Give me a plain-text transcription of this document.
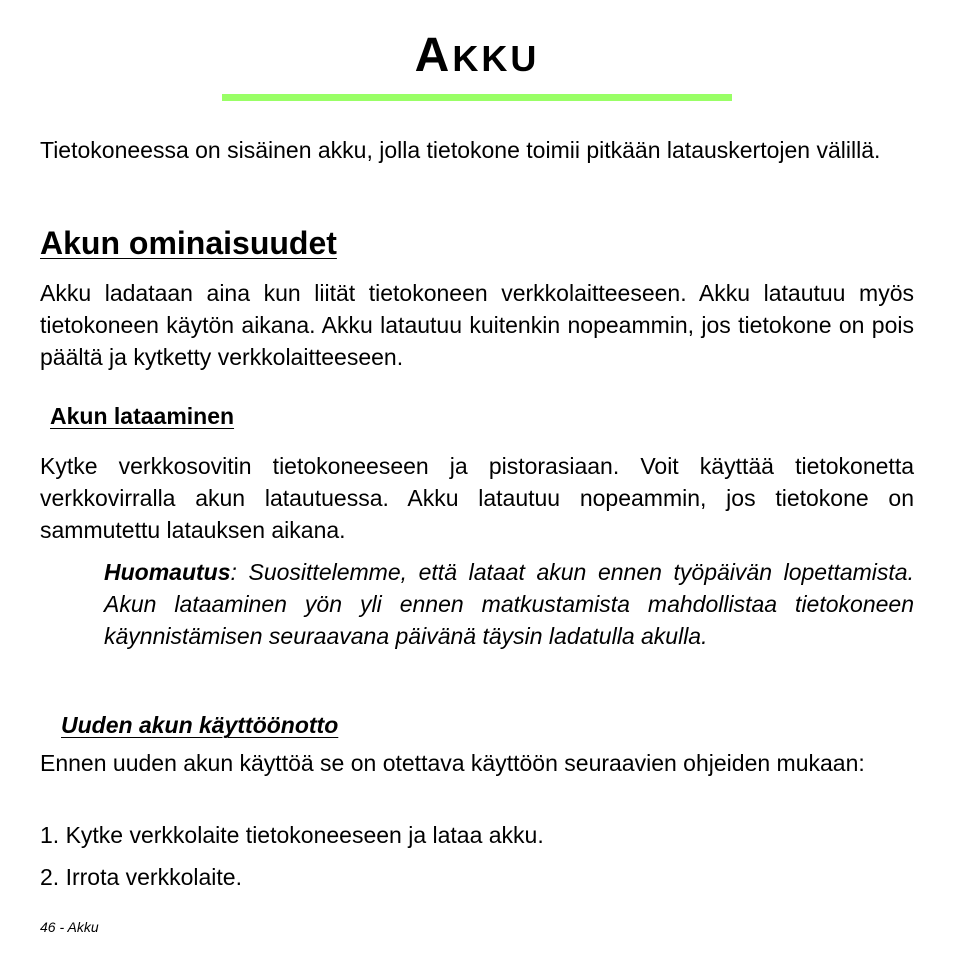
AKKU

Tietokoneessa on sisäinen akku, jolla tietokone toimii pitkään latauskertojen välillä.

Akun ominaisuudet

Akku ladataan aina kun liität tietokoneen verkkolaitteeseen. Akku latautuu myös tietokoneen käytön aikana. Akku latautuu kuitenkin nopeammin, jos tietokone on pois päältä ja kytketty verkkolaitteeseen.

Akun lataaminen

Kytke verkkosovitin tietokoneeseen ja pistorasiaan. Voit käyttää tietokonetta verkkovirralla akun latautuessa. Akku latautuu nopeammin, jos tietokone on sammutettu latauksen aikana.

Huomautus: Suosittelemme, että lataat akun ennen työpäivän lopettamista. Akun lataaminen yön yli ennen matkustamista mahdollistaa tietokoneen käynnistämisen seuraavana päivänä täysin ladatulla akulla.

Uuden akun käyttöönotto

Ennen uuden akun käyttöä se on otettava käyttöön seuraavien ohjeiden mukaan:

1. Kytke verkkolaite tietokoneeseen ja lataa akku.

2. Irrota verkkolaite.

46 - Akku
